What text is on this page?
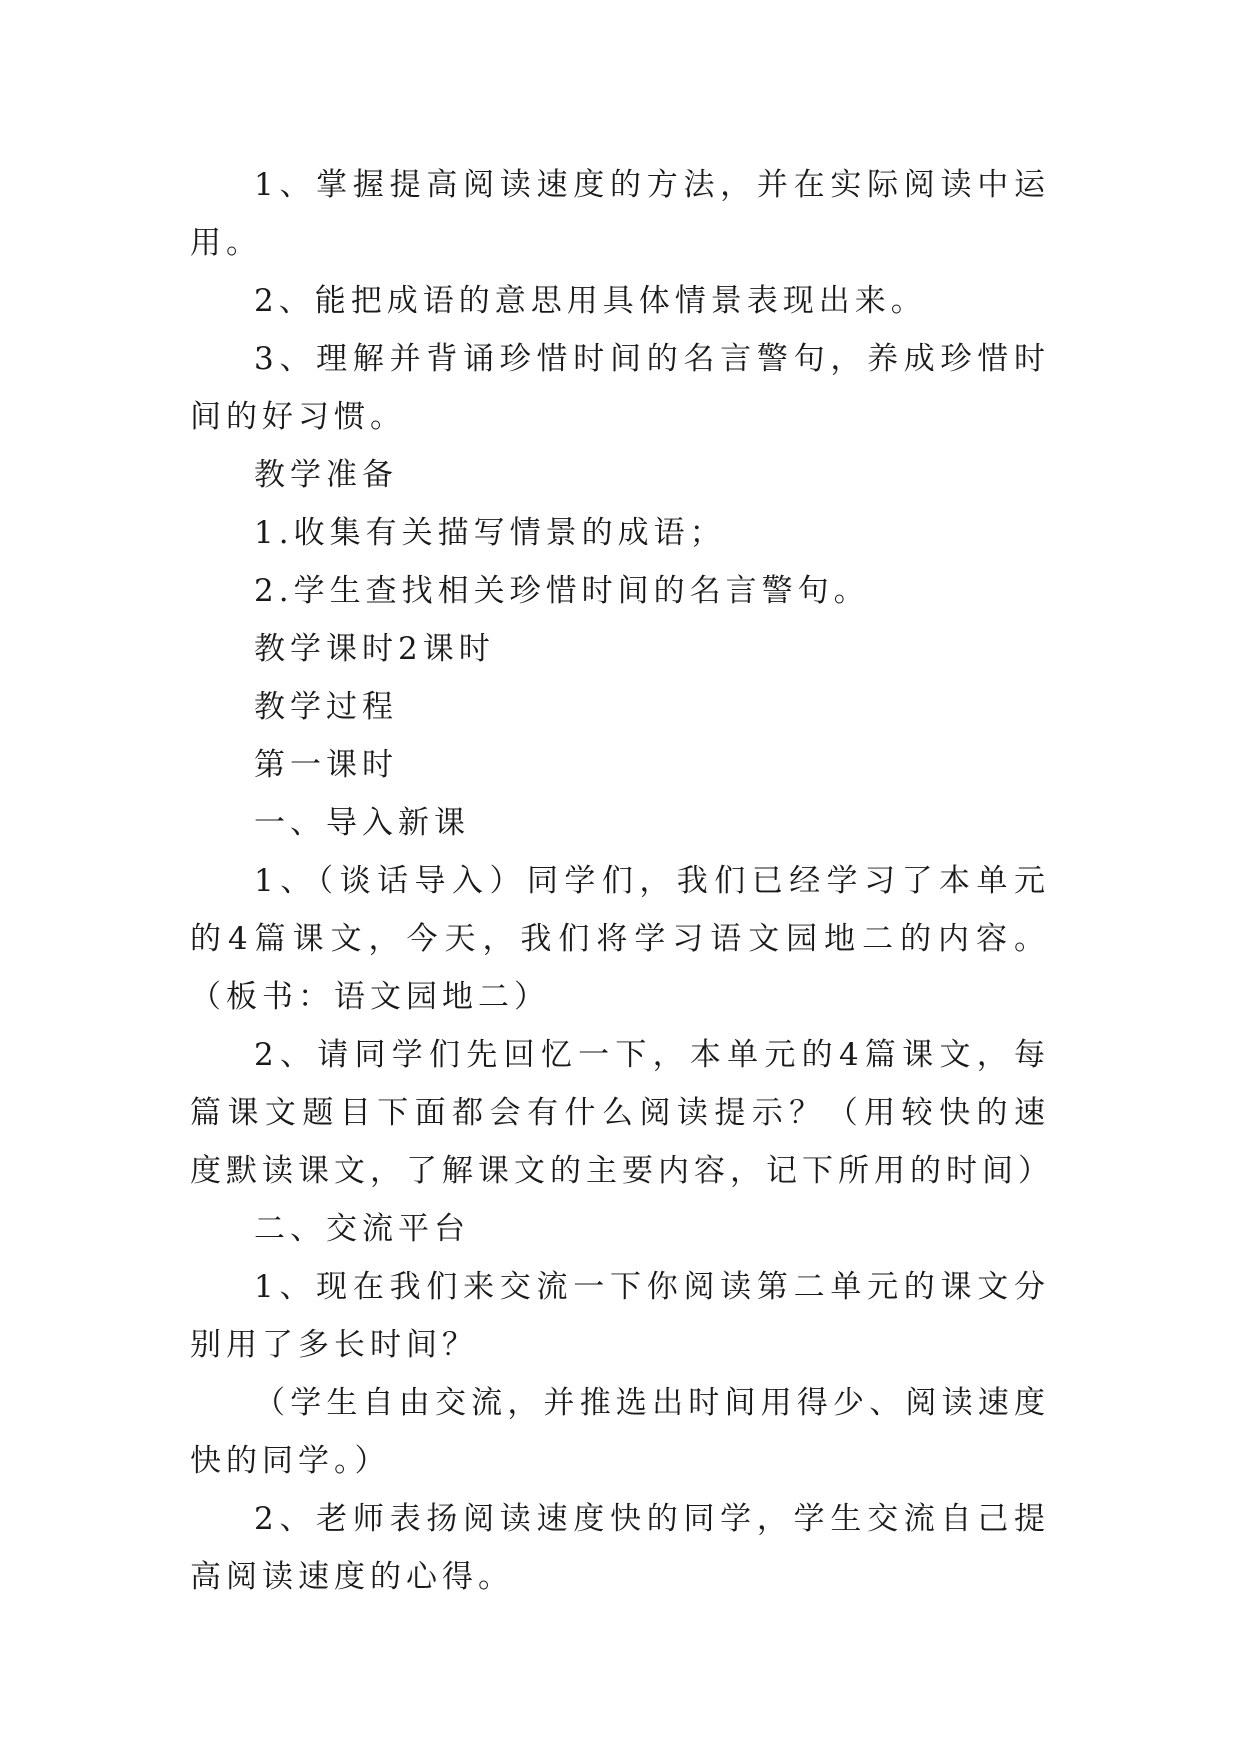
1、掌握提高阅读速度的方法，并在实际阅读中运用。

2、能把成语的意思用具体情景表现出来。

3、理解并背诵珍惜时间的名言警句，养成珍惜时间的好习惯。

教学准备

1.收集有关描写情景的成语；

2.学生查找相关珍惜时间的名言警句。

教学课时2课时

教学过程

第一课时

一、导入新课

1、（谈话导入）同学们，我们已经学习了本单元的4篇课文，今天，我们将学习语文园地二的内容。（板书：语文园地二）

2、请同学们先回忆一下，本单元的4篇课文，每篇课文题目下面都会有什么阅读提示？（用较快的速度默读课文，了解课文的主要内容，记下所用的时间）

二、交流平台

1、现在我们来交流一下你阅读第二单元的课文分别用了多长时间？

（学生自由交流，并推选出时间用得少、阅读速度快的同学。）

2、老师表扬阅读速度快的同学，学生交流自己提高阅读速度的心得。
